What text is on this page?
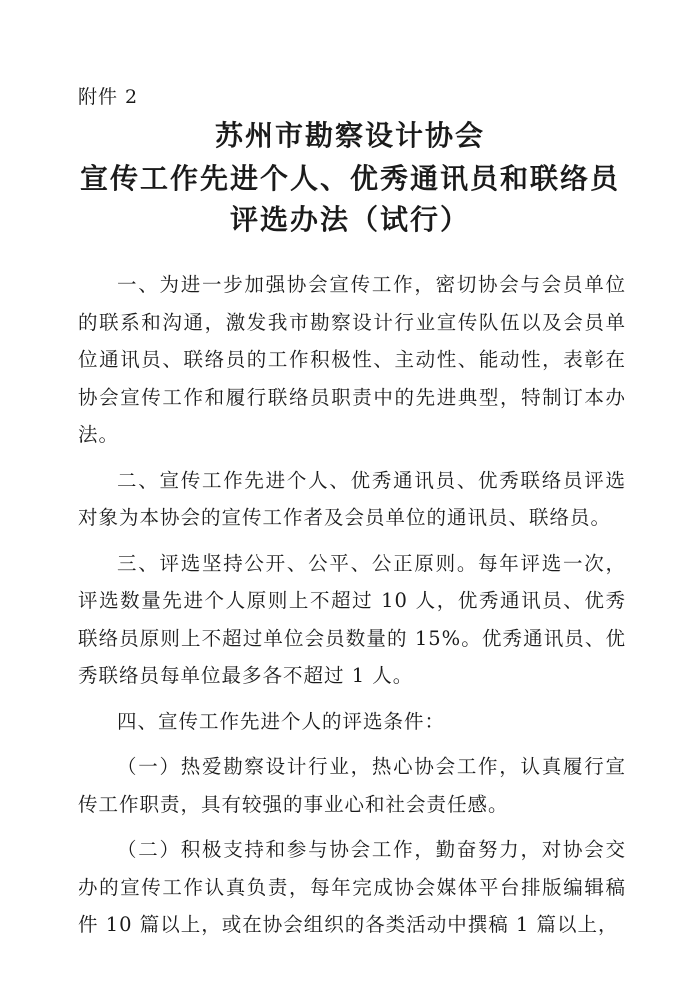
附件 2
苏州市勘察设计协会
宣传工作先进个人、优秀通讯员和联络员
评选办法（试行）

一、为进一步加强协会宣传工作，密切协会与会员单位的联系和沟通，激发我市勘察设计行业宣传队伍以及会员单位通讯员、联络员的工作积极性、主动性、能动性，表彰在协会宣传工作和履行联络员职责中的先进典型，特制订本办法。

二、宣传工作先进个人、优秀通讯员、优秀联络员评选对象为本协会的宣传工作者及会员单位的通讯员、联络员。

三、评选坚持公开、公平、公正原则。每年评选一次，评选数量先进个人原则上不超过 10 人，优秀通讯员、优秀联络员原则上不超过单位会员数量的 15%。优秀通讯员、优秀联络员每单位最多各不超过 1 人。

四、宣传工作先进个人的评选条件：

（一）热爱勘察设计行业，热心协会工作，认真履行宣传工作职责，具有较强的事业心和社会责任感。

（二）积极支持和参与协会工作，勤奋努力，对协会交办的宣传工作认真负责，每年完成协会媒体平台排版编辑稿件 10 篇以上，或在协会组织的各类活动中撰稿 1 篇以上，
